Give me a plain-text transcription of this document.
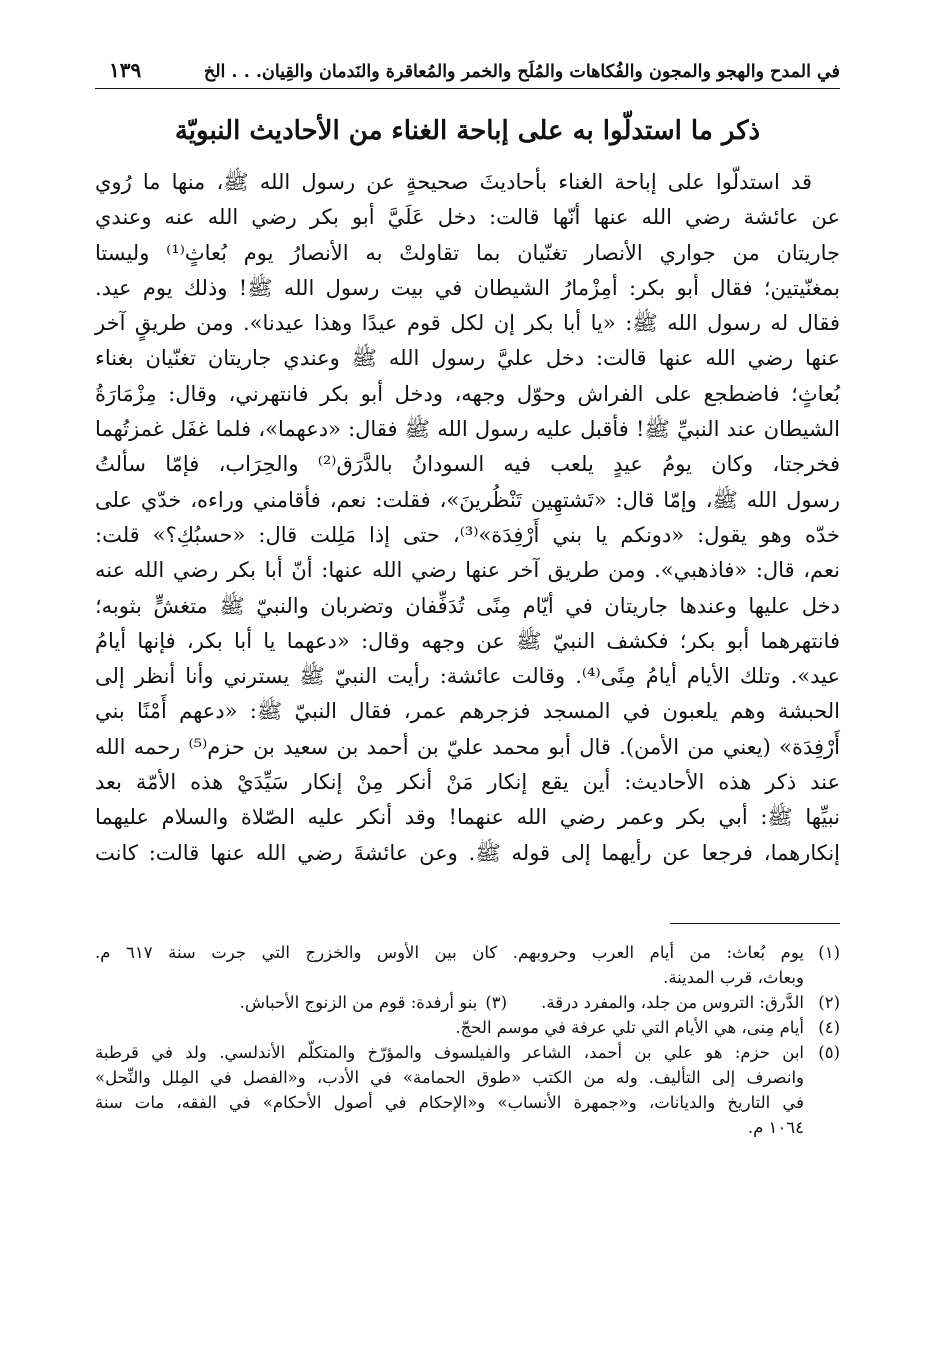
في المدح والهجو والمجون والفُكاهات والمُلَح والخمر والمُعاقرة والنَدمان والقِيان. . . الخ
١٣٩
ذكر ما استدلّوا به على إباحة الغناء من الأحاديث النبويّة
قد استدلّوا على إباحة الغناء بأحاديثَ صحيحةٍ عن رسول الله ﷺ، منها ما رُوي
عن عائشة رضي الله عنها أنّها قالت: دخل عَلَيَّ أبو بكر رضي الله عنه وعندي
جاريتان من جواري الأنصار تغنّيان بما تقاولتْ به الأنصارُ يوم بُعاثٍ⁽¹⁾ وليستا
بمغنّيتين؛ فقال أبو بكر: أمِزْمارُ الشيطان في بيت رسول الله ﷺ! وذلك يوم عيد.
فقال له رسول الله ﷺ: «يا أبا بكر إن لكل قوم عيدًا وهذا عيدنا». ومن طريقٍ آخر
عنها رضي الله عنها قالت: دخل عليَّ رسول الله ﷺ وعندي جاريتان تغنّيان بغناء
بُعاثٍ؛ فاضطجع على الفراش وحوّل وجهه، ودخل أبو بكر فانتهرني، وقال: مِزْمَارَةُ
الشيطان عند النبيِّ ﷺ! فأقبل عليه رسول الله ﷺ فقال: «دعهما»، فلما غفَل غمزتُهما
فخرجتا، وكان يومُ عيدٍ يلعب فيه السودانُ بالدَّرَق⁽²⁾ والحِرَاب، فإمّا سألتُ
رسول الله ﷺ، وإمّا قال: «تَشتهِين تَنْظُرينَ»، فقلت: نعم، فأقامني وراءه، خدّي على
خدّه وهو يقول: «دونكم يا بني أَرْفِدَة»⁽³⁾، حتى إذا مَلِلت قال: «حسبُكِ؟» قلت:
نعم، قال: «فاذهبي». ومن طريق آخر عنها رضي الله عنها: أنّ أبا بكر رضي الله عنه
دخل عليها وعندها جاريتان في أيّام مِنًى تُدَفِّفان وتضربان والنبيّ ﷺ متغشٍّ بثوبه؛
فانتهرهما أبو بكر؛ فكشف النبيّ ﷺ عن وجهه وقال: «دعهما يا أبا بكر، فإنها أيامُ
عيد». وتلك الأيام أيامُ مِنًى⁽⁴⁾. وقالت عائشة: رأيت النبيّ ﷺ يسترني وأنا أنظر إلى
الحبشة وهم يلعبون في المسجد فزجرهم عمر، فقال النبيّ ﷺ: «دعهم أَمْنًا بني
أَرْفِدَة» (يعني من الأمن). قال أبو محمد عليّ بن أحمد بن سعيد بن حزم⁽⁵⁾ رحمه الله
عند ذكر هذه الأحاديث: أين يقع إنكار مَنْ أنكر مِنْ إنكار سَيِّدَيْ هذه الأمّة بعد
نبيِّها ﷺ: أبي بكر وعمر رضي الله عنهما! وقد أنكر عليه الصّلاة والسلام عليهما
إنكارهما، فرجعا عن رأيهما إلى قوله ﷺ. وعن عائشةَ رضي الله عنها قالت: كانت
(١)
يوم بُعاث: من أيام العرب وحروبهم. كان بين الأوس والخزرج التي جرت سنة ٦١٧ م.
وبعاث، قرب المدينة.
(٢)
الدَّرق: التروس من جلد، والمفرد درقة.
(٣)
بنو أرفدة: قوم من الزنوج الأحباش.
(٤)
أيام مِنى، هي الأيام التي تلي عرفة في موسم الحجّ.
(٥)
ابن حزم: هو علي بن أحمد، الشاعر والفيلسوف والمؤرّخ والمتكلّم الأندلسي. ولد في قرطبة
وانصرف إلى التأليف. وله من الكتب «طوق الحمامة» في الأدب، و«الفصل في المِلل والنِّحل»
في التاريخ والديانات، و«جمهرة الأنساب» و«الإحكام في أصول الأحكام» في الفقه، مات سنة
١٠٦٤ م.
